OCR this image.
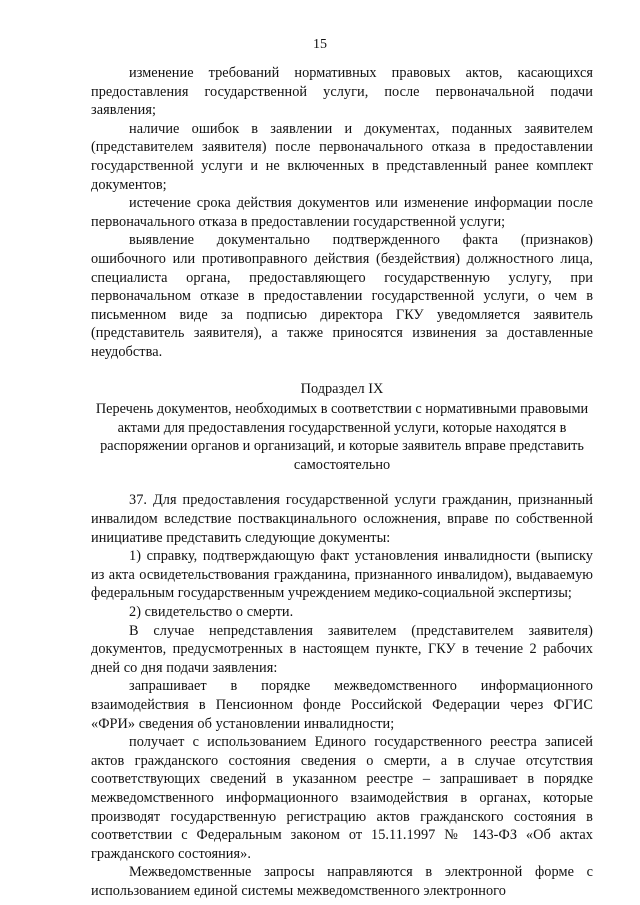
15

изменение требований нормативных правовых актов, касающихся предоставления государственной услуги, после первоначальной подачи заявления;

наличие ошибок в заявлении и документах, поданных заявителем (представителем заявителя) после первоначального отказа в предоставлении государственной услуги и не включенных в представленный ранее комплект документов;

истечение срока действия документов или изменение информации после первоначального отказа в предоставлении государственной услуги;

выявление документально подтвержденного факта (признаков) ошибочного или противоправного действия (бездействия) должностного лица, специалиста органа, предоставляющего государственную услугу, при первоначальном отказе в предоставлении государственной услуги, о чем в письменном виде за подписью директора ГКУ уведомляется заявитель (представитель заявителя), а также приносятся извинения за доставленные неудобства.

Подраздел IX

Перечень документов, необходимых в соответствии с нормативными правовыми актами для предоставления государственной услуги, которые находятся в распоряжении органов и организаций, и которые заявитель вправе представить самостоятельно

37. Для предоставления государственной услуги гражданин, признанный инвалидом вследствие поствакцинального осложнения, вправе по собственной инициативе представить следующие документы:

1) справку, подтверждающую факт установления инвалидности (выписку из акта освидетельствования гражданина, признанного инвалидом), выдаваемую федеральным государственным учреждением медико-социальной экспертизы;

2) свидетельство о смерти.

В случае непредставления заявителем (представителем заявителя) документов, предусмотренных в настоящем пункте, ГКУ в течение 2 рабочих дней со дня подачи заявления:

запрашивает в порядке межведомственного информационного взаимодействия в Пенсионном фонде Российской Федерации через ФГИС «ФРИ» сведения об установлении инвалидности;

получает с использованием Единого государственного реестра записей актов гражданского состояния сведения о смерти, а в случае отсутствия соответствующих сведений в указанном реестре – запрашивает в порядке межведомственного информационного взаимодействия в органах, которые производят государственную регистрацию актов гражданского состояния в соответствии с Федеральным законом от 15.11.1997 № 143-ФЗ «Об актах гражданского состояния».

Межведомственные запросы направляются в электронной форме с использованием единой системы межведомственного электронного
